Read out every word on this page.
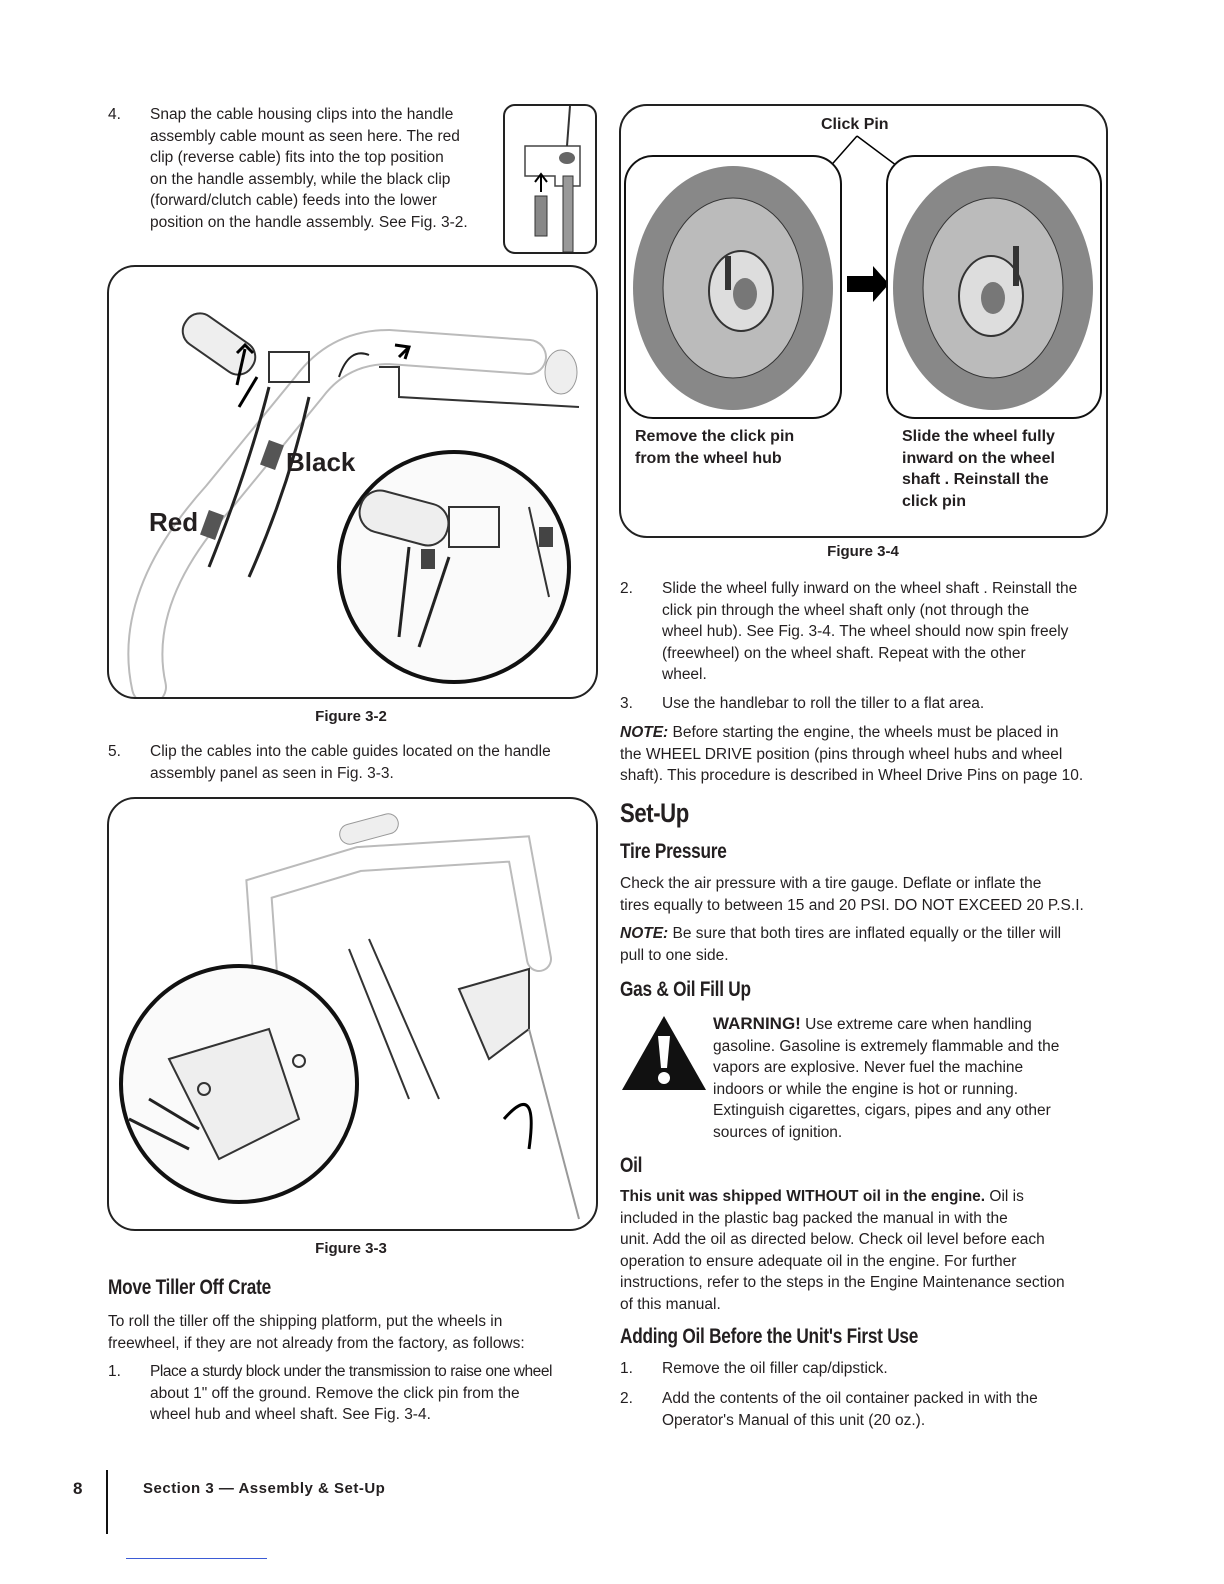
4. Snap the cable housing clips into the handle
assembly cable mount as seen here. The red
clip (reverse cable) fits into the top position
on the handle assembly, while the black clip
(forward/clutch cable) feeds into the lower
position on the handle assembly. See Fig. 3-2.
Black
Red
Figure 3-2
5. Clip the cables into the cable guides located on the handle
assembly panel as seen in Fig. 3-3.
Figure 3-3
Move Tiller Off Crate
To roll the tiller off the shipping platform, put the wheels in
freewheel, if they are not already from the factory, as follows:
1. Place a sturdy block under the transmission to raise one wheel
about 1" off the ground. Remove the click pin from the
wheel hub and wheel shaft. See Fig. 3-4.
Click Pin
Remove the click pin
from the wheel hub
Slide the wheel fully
inward on the wheel
shaft . Reinstall the
click pin
Figure 3-4
2. Slide the wheel fully inward on the wheel shaft . Reinstall the
click pin through the wheel shaft only (not through the
wheel hub). See Fig. 3-4. The wheel should now spin freely
(freewheel) on the wheel shaft. Repeat with the other
wheel.
3. Use the handlebar to roll the tiller to a flat area.
NOTE: Before starting the engine, the wheels must be placed in
the WHEEL DRIVE position (pins through wheel hubs and wheel
shaft). This procedure is described in Wheel Drive Pins on page 10.
Set-Up
Tire Pressure
Check the air pressure with a tire gauge. Deflate or inflate the
tires equally to between 15 and 20 PSI. DO NOT EXCEED 20 P.S.I.
NOTE: Be sure that both tires are inflated equally or the tiller will
pull to one side.
Gas & Oil Fill Up
WARNING! Use extreme care when handling
gasoline. Gasoline is extremely flammable and the
vapors are explosive. Never fuel the machine
indoors or while the engine is hot or running.
Extinguish cigarettes, cigars, pipes and any other
sources of ignition.
Oil
This unit was shipped WITHOUT oil in the engine. Oil is
included in the plastic bag packed the manual in with the
unit. Add the oil as directed below. Check oil level before each
operation to ensure adequate oil in the engine. For further
instructions, refer to the steps in the Engine Maintenance section
of this manual.
Adding Oil Before the Unit's First Use
1. Remove the oil filler cap/dipstick.
2. Add the contents of the oil container packed in with the
Operator's Manual of this unit (20 oz.).
8	Section 3 — Assembly & Set-Up
